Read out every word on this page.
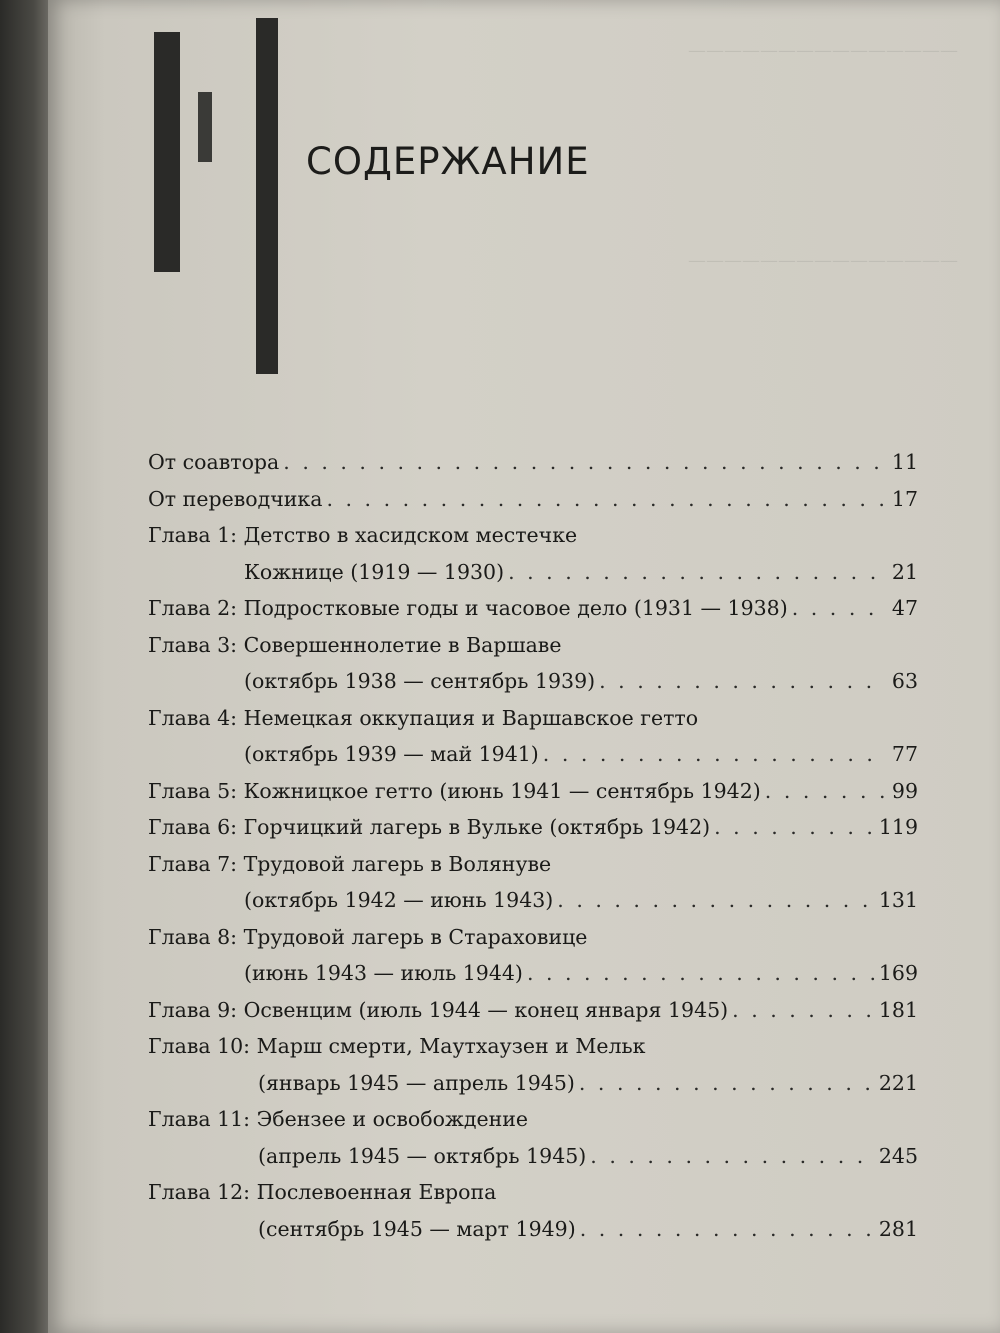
———————————————
———————————————
СОДЕРЖАНИЕ
От соавтора . . .	11
От переводчика . . .	17
Глава 1: Детство в хасидском местечке
Кожнице (1919 — 1930) . . .	21
Глава 2: Подростковые годы и часовое дело (1931 — 1938) . . .	47
Глава 3: Совершеннолетие в Варшаве
(октябрь 1938 — сентябрь 1939) . . .	63
Глава 4: Немецкая оккупация и Варшавское гетто
(октябрь 1939 — май 1941) . . .	77
Глава 5: Кожницкое гетто (июнь 1941 — сентябрь 1942) . . .	99
Глава 6: Горчицкий лагерь в Вульке (октябрь 1942) . . .	119
Глава 7: Трудовой лагерь в Волянуве
(октябрь 1942 — июнь 1943) . . .	131
Глава 8: Трудовой лагерь в Стараховице
(июнь 1943 — июль 1944) . . .	169
Глава 9: Освенцим (июль 1944 — конец января 1945) . . .	181
Глава 10: Марш смерти, Маутхаузен и Мельк
(январь 1945 — апрель 1945) . . .	221
Глава 11: Эбензее и освобождение
(апрель 1945 — октябрь 1945) . . .	245
Глава 12: Послевоенная Европа
(сентябрь 1945 — март 1949) . . .	281
